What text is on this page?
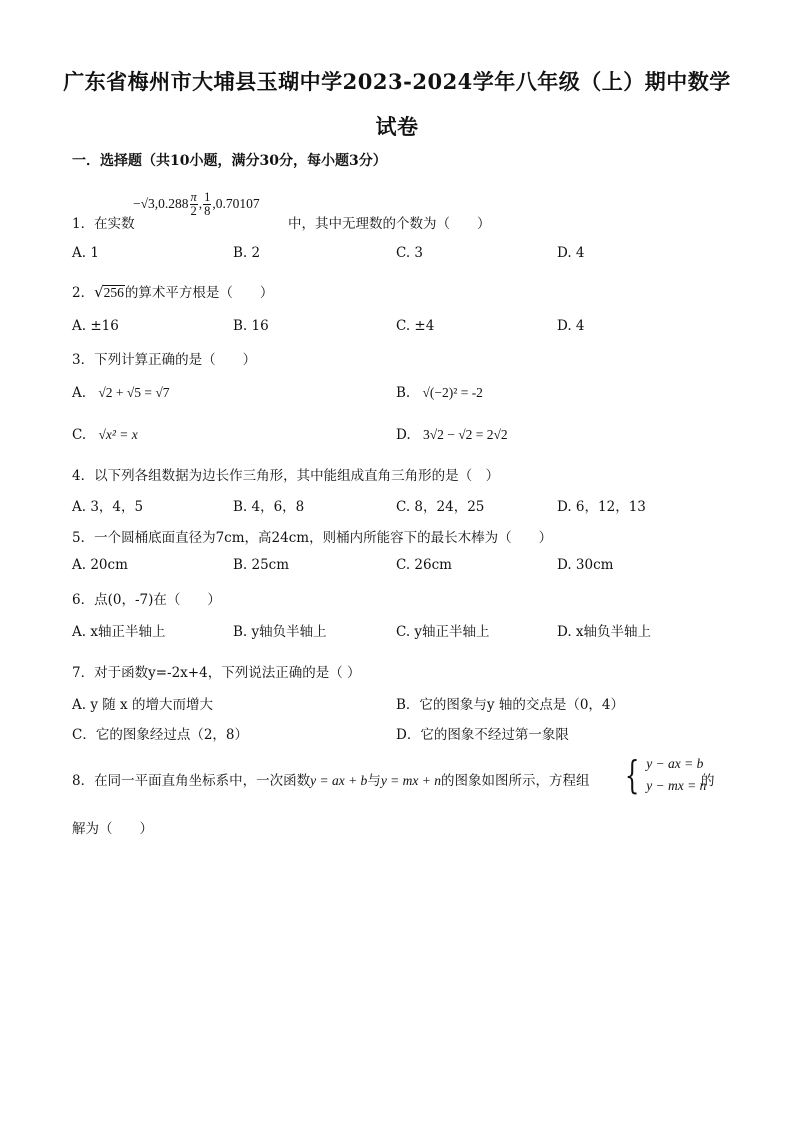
广东省梅州市大埔县玉瑚中学2023-2024学年八年级（上）期中数学
试卷
一．选择题（共10小题，满分30分，每小题3分）
$-√3,0.288 \frac{\pi}{2}$ , $\frac{1}{8} ,0.70107$
1．在实数	中，其中无理数的个数为（　　）
A. 1	B. 2	C. 3	D. 4
2．√256的算术平方根是（　　）
A. ±16	B. 16	C. ±4	D. 4
3．下列计算正确的是（　　）
A. √2 + √5 = √7	B. √(−2)² = -2
C. √x² = x	D. 3√2 − √2 = 2√2
4．以下列各组数据为边长作三角形，其中能组成直角三角形的是（　）
A. 3，4，5	B. 4，6，8	C. 8，24，25	D. 6，12，13
5．一个圆桶底面直径为7cm，高24cm，则桶内所能容下的最长木棒为（　　）
A. 20cm	B. 25cm	C. 26cm	D. 30cm
6．点(0，-7)在（　　）
A. x轴正半轴上	B. y轴负半轴上	C. y轴正半轴上	D. x轴负半轴上
7．对于函数y=-2x+4，下列说法正确的是（ ）
A. y 随 x 的增大而增大	B．它的图象与y 轴的交点是（0，4）
C．它的图象经过点（2，8）	D．它的图象不经过第一象限
8．在同一平面直角坐标系中，一次函数y = ax + b与y = mx + n的图象如图所示，方程组 { y − ax = b
y − mx = n
的
解为（　　）
